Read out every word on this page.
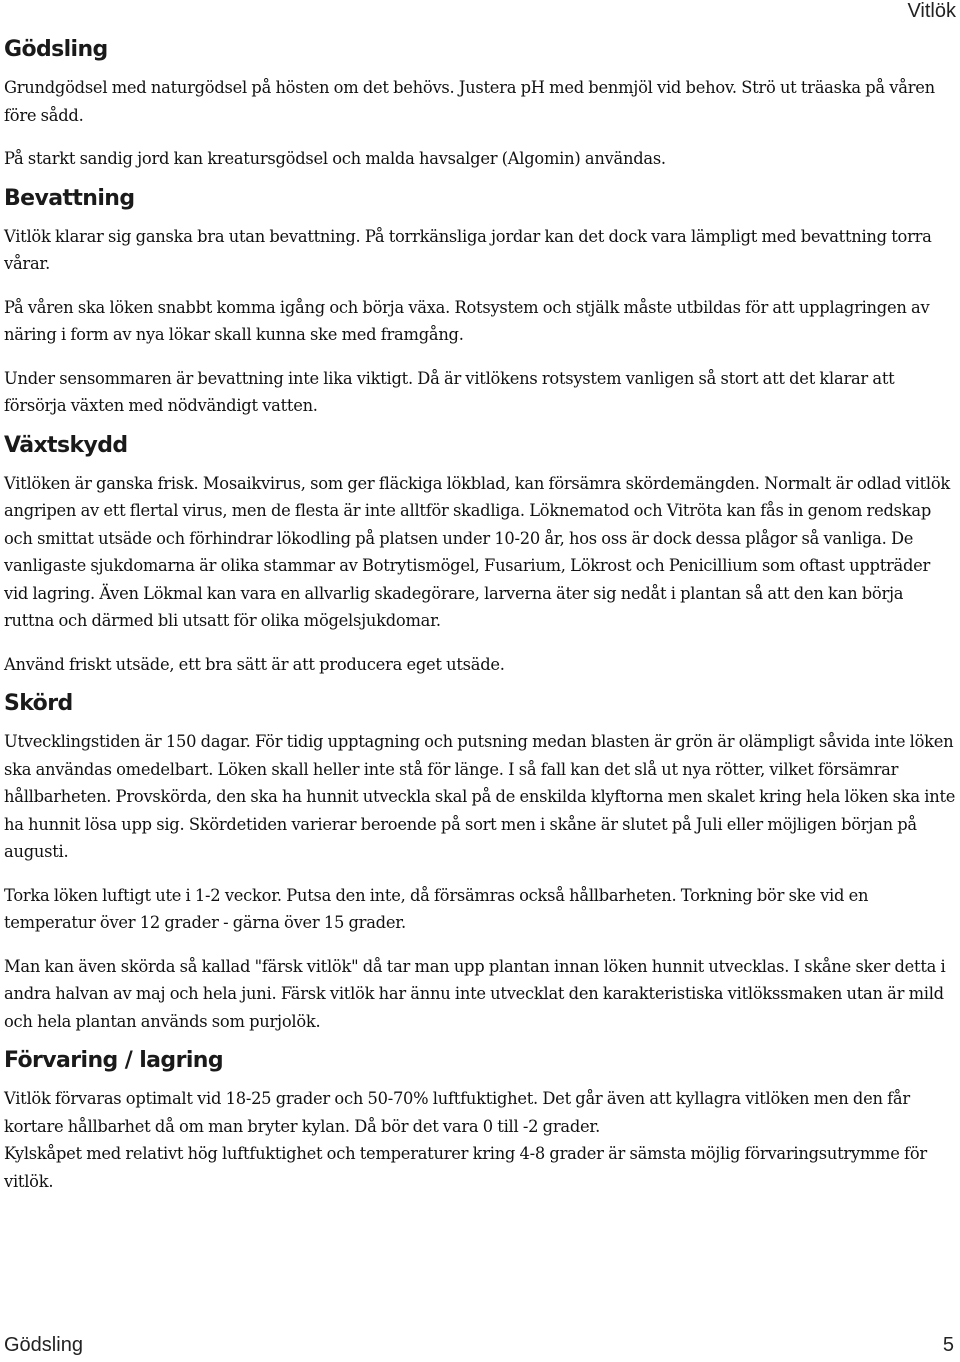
Vitlök
Gödsling

Grundgödsel med naturgödsel på hösten om det behövs. Justera pH med benmjöl vid behov. Strö ut träaska på våren före sådd.

På starkt sandig jord kan kreatursgödsel och malda havsalger (Algomin) användas.

Bevattning

Vitlök klarar sig ganska bra utan bevattning. På torrkänsliga jordar kan det dock vara lämpligt med bevattning torra vårar.

På våren ska löken snabbt komma igång och börja växa. Rotsystem och stjälk måste utbildas för att upplagringen av näring i form av nya lökar skall kunna ske med framgång.

Under sensommaren är bevattning inte lika viktigt. Då är vitlökens rotsystem vanligen så stort att det klarar att försörja växten med nödvändigt vatten.

Växtskydd

Vitlöken är ganska frisk. Mosaikvirus, som ger fläckiga lökblad, kan försämra skördemängden. Normalt är odlad vitlök angripen av ett flertal virus, men de flesta är inte alltför skadliga. Löknematod och Vitröta kan fås in genom redskap och smittat utsäde och förhindrar lökodling på platsen under 10-20 år, hos oss är dock dessa plågor så vanliga. De vanligaste sjukdomarna är olika stammar av Botrytismögel, Fusarium, Lökrost och Penicillium som oftast uppträder vid lagring. Även Lökmal kan vara en allvarlig skadegörare, larverna äter sig nedåt i plantan så att den kan börja ruttna och därmed bli utsatt för olika mögelsjukdomar.

Använd friskt utsäde, ett bra sätt är att producera eget utsäde.

Skörd

Utvecklingstiden är 150 dagar. För tidig upptagning och putsning medan blasten är grön är olämpligt såvida inte löken ska användas omedelbart. Löken skall heller inte stå för länge. I så fall kan det slå ut nya rötter, vilket försämrar hållbarheten. Provskörda, den ska ha hunnit utveckla skal på de enskilda klyftorna men skalet kring hela löken ska inte ha hunnit lösa upp sig. Skördetiden varierar beroende på sort men i skåne är slutet på Juli eller möjligen början på augusti.

Torka löken luftigt ute i 1-2 veckor. Putsa den inte, då försämras också hållbarheten. Torkning bör ske vid en temperatur över 12 grader - gärna över 15 grader.

Man kan även skörda så kallad "färsk vitlök" då tar man upp plantan innan löken hunnit utvecklas. I skåne sker detta i andra halvan av maj och hela juni. Färsk vitlök har ännu inte utvecklat den karakteristiska vitlökssmaken utan är mild och hela plantan används som purjolök.

Förvaring / lagring

Vitlök förvaras optimalt vid 18-25 grader och 50-70% luftfuktighet. Det går även att kyllagra vitlöken men den får kortare hållbarhet då om man bryter kylan. Då bör det vara 0 till -2 grader.

Kylskåpet med relativt hög luftfuktighet och temperaturer kring 4-8 grader är sämsta möjlig förvaringsutrymme för vitlök.

Gödsling	5
